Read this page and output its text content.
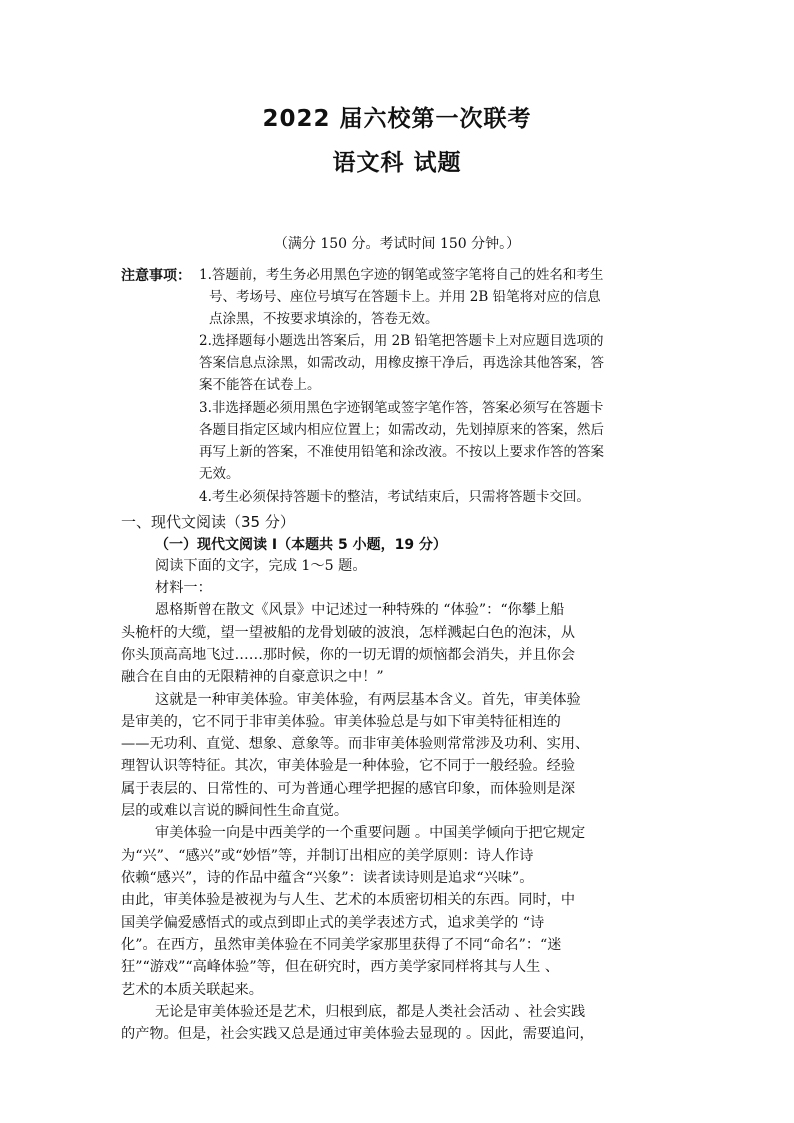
2022 届六校第一次联考
语文科 试题
（满分 150 分。考试时间 150 分钟。）
注意事项： 1.答题前，考生务必用黑色字迹的钢笔或签字笔将自己的姓名和考生
号、考场号、座位号填写在答题卡上。并用 2B 铅笔将对应的信息
点涂黑，不按要求填涂的，答卷无效。
2.选择题每小题选出答案后，用 2B 铅笔把答题卡上对应题目选项的
答案信息点涂黑，如需改动，用橡皮擦干净后，再选涂其他答案，答
案不能答在试卷上。
3.非选择题必须用黑色字迹钢笔或签字笔作答，答案必须写在答题卡
各题目指定区域内相应位置上；如需改动，先划掉原来的答案，然后
再写上新的答案，不准使用铅笔和涂改液。不按以上要求作答的答案
无效。
4.考生必须保持答题卡的整洁，考试结束后，只需将答题卡交回。
一、现代文阅读（35 分）
（一）现代文阅读 I（本题共 5 小题，19 分）
阅读下面的文字，完成 1～5 题。
材料一：
恩格斯曾在散文《风景》中记述过一种特殊的 “体验”：“你攀上船
头桅杆的大缆，望一望被船的龙骨划破的波浪，怎样溅起白色的泡沫，从
你头顶高高地飞过……那时候，你的一切无谓的烦恼都会消失，并且你会
融合在自由的无限精神的自豪意识之中！”
这就是一种审美体验。审美体验，有两层基本含义。首先，审美体验
是审美的，它不同于非审美体验。审美体验总是与如下审美特征相连的
——无功利、直觉、想象、意象等。而非审美体验则常常涉及功利、实用、
理智认识等特征。其次，审美体验是一种体验，它不同于一般经验。经验
属于表层的、日常性的、可为普通心理学把握的感官印象，而体验则是深
层的或难以言说的瞬间性生命直觉。
审美体验一向是中西美学的一个重要问题 。中国美学倾向于把它规定
为“兴”、“感兴”或“妙悟”等，并制订出相应的美学原则：诗人作诗
依赖“感兴”，诗的作品中蕴含“兴象”：读者读诗则是追求“兴味”。
由此，审美体验是被视为与人生、艺术的本质密切相关的东西。同时，中
国美学偏爱感悟式的或点到即止式的美学表述方式，追求美学的 “诗
化”。在西方，虽然审美体验在不同美学家那里获得了不同“命名”：“迷
狂”“游戏”“高峰体验”等，但在研究时，西方美学家同样将其与人生 、
艺术的本质关联起来。
无论是审美体验还是艺术，归根到底，都是人类社会活动 、社会实践
的产物。但是，社会实践又总是通过审美体验去显现的 。因此，需要追问，
